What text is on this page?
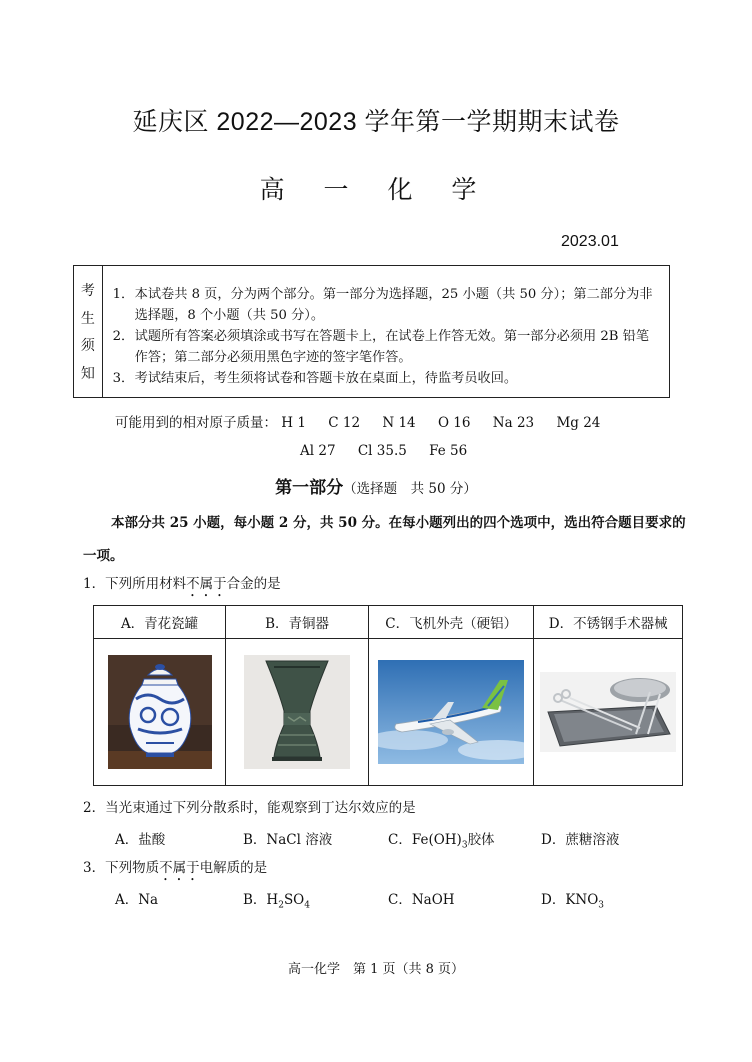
延庆区 2022—2023 学年第一学期期末试卷
高 一 化 学
2023.01
考
生
须
知
1． 本试卷共 8 页，分为两个部分。第一部分为选择题，25 小题（共 50 分）；第二部分为非选择题，8 个小题（共 50 分）。
2． 试题所有答案必须填涂或书写在答题卡上，在试卷上作答无效。第一部分必须用 2B 铅笔作答；第二部分必须用黑色字迹的签字笔作答。
3． 考试结束后，考生须将试卷和答题卡放在桌面上，待监考员收回。
可能用到的相对原子质量： H 1 C 12 N 14 O 16 Na 23 Mg 24
Al 27 Cl 35.5 Fe 56
第一部分（选择题　共 50 分）
本部分共 25 小题，每小题 2 分，共 50 分。在每小题列出的四个选项中，选出符合题目要求的一项。
1．下列所用材料不属于合金的是
A．青花瓷罐	B．青铜器	C．飞机外壳（硬铝）	D．不锈钢手术器械

2．当光束通过下列分散系时，能观察到丁达尔效应的是
A．盐酸	B．NaCl 溶液	C．$Fe(OH)_3$胶体	D．蔗糖溶液
3．下列物质不属于电解质的是
A．Na	B．$H_2SO_4$	C．NaOH	D．$KNO_3$
高一化学　第 1 页（共 8 页）
